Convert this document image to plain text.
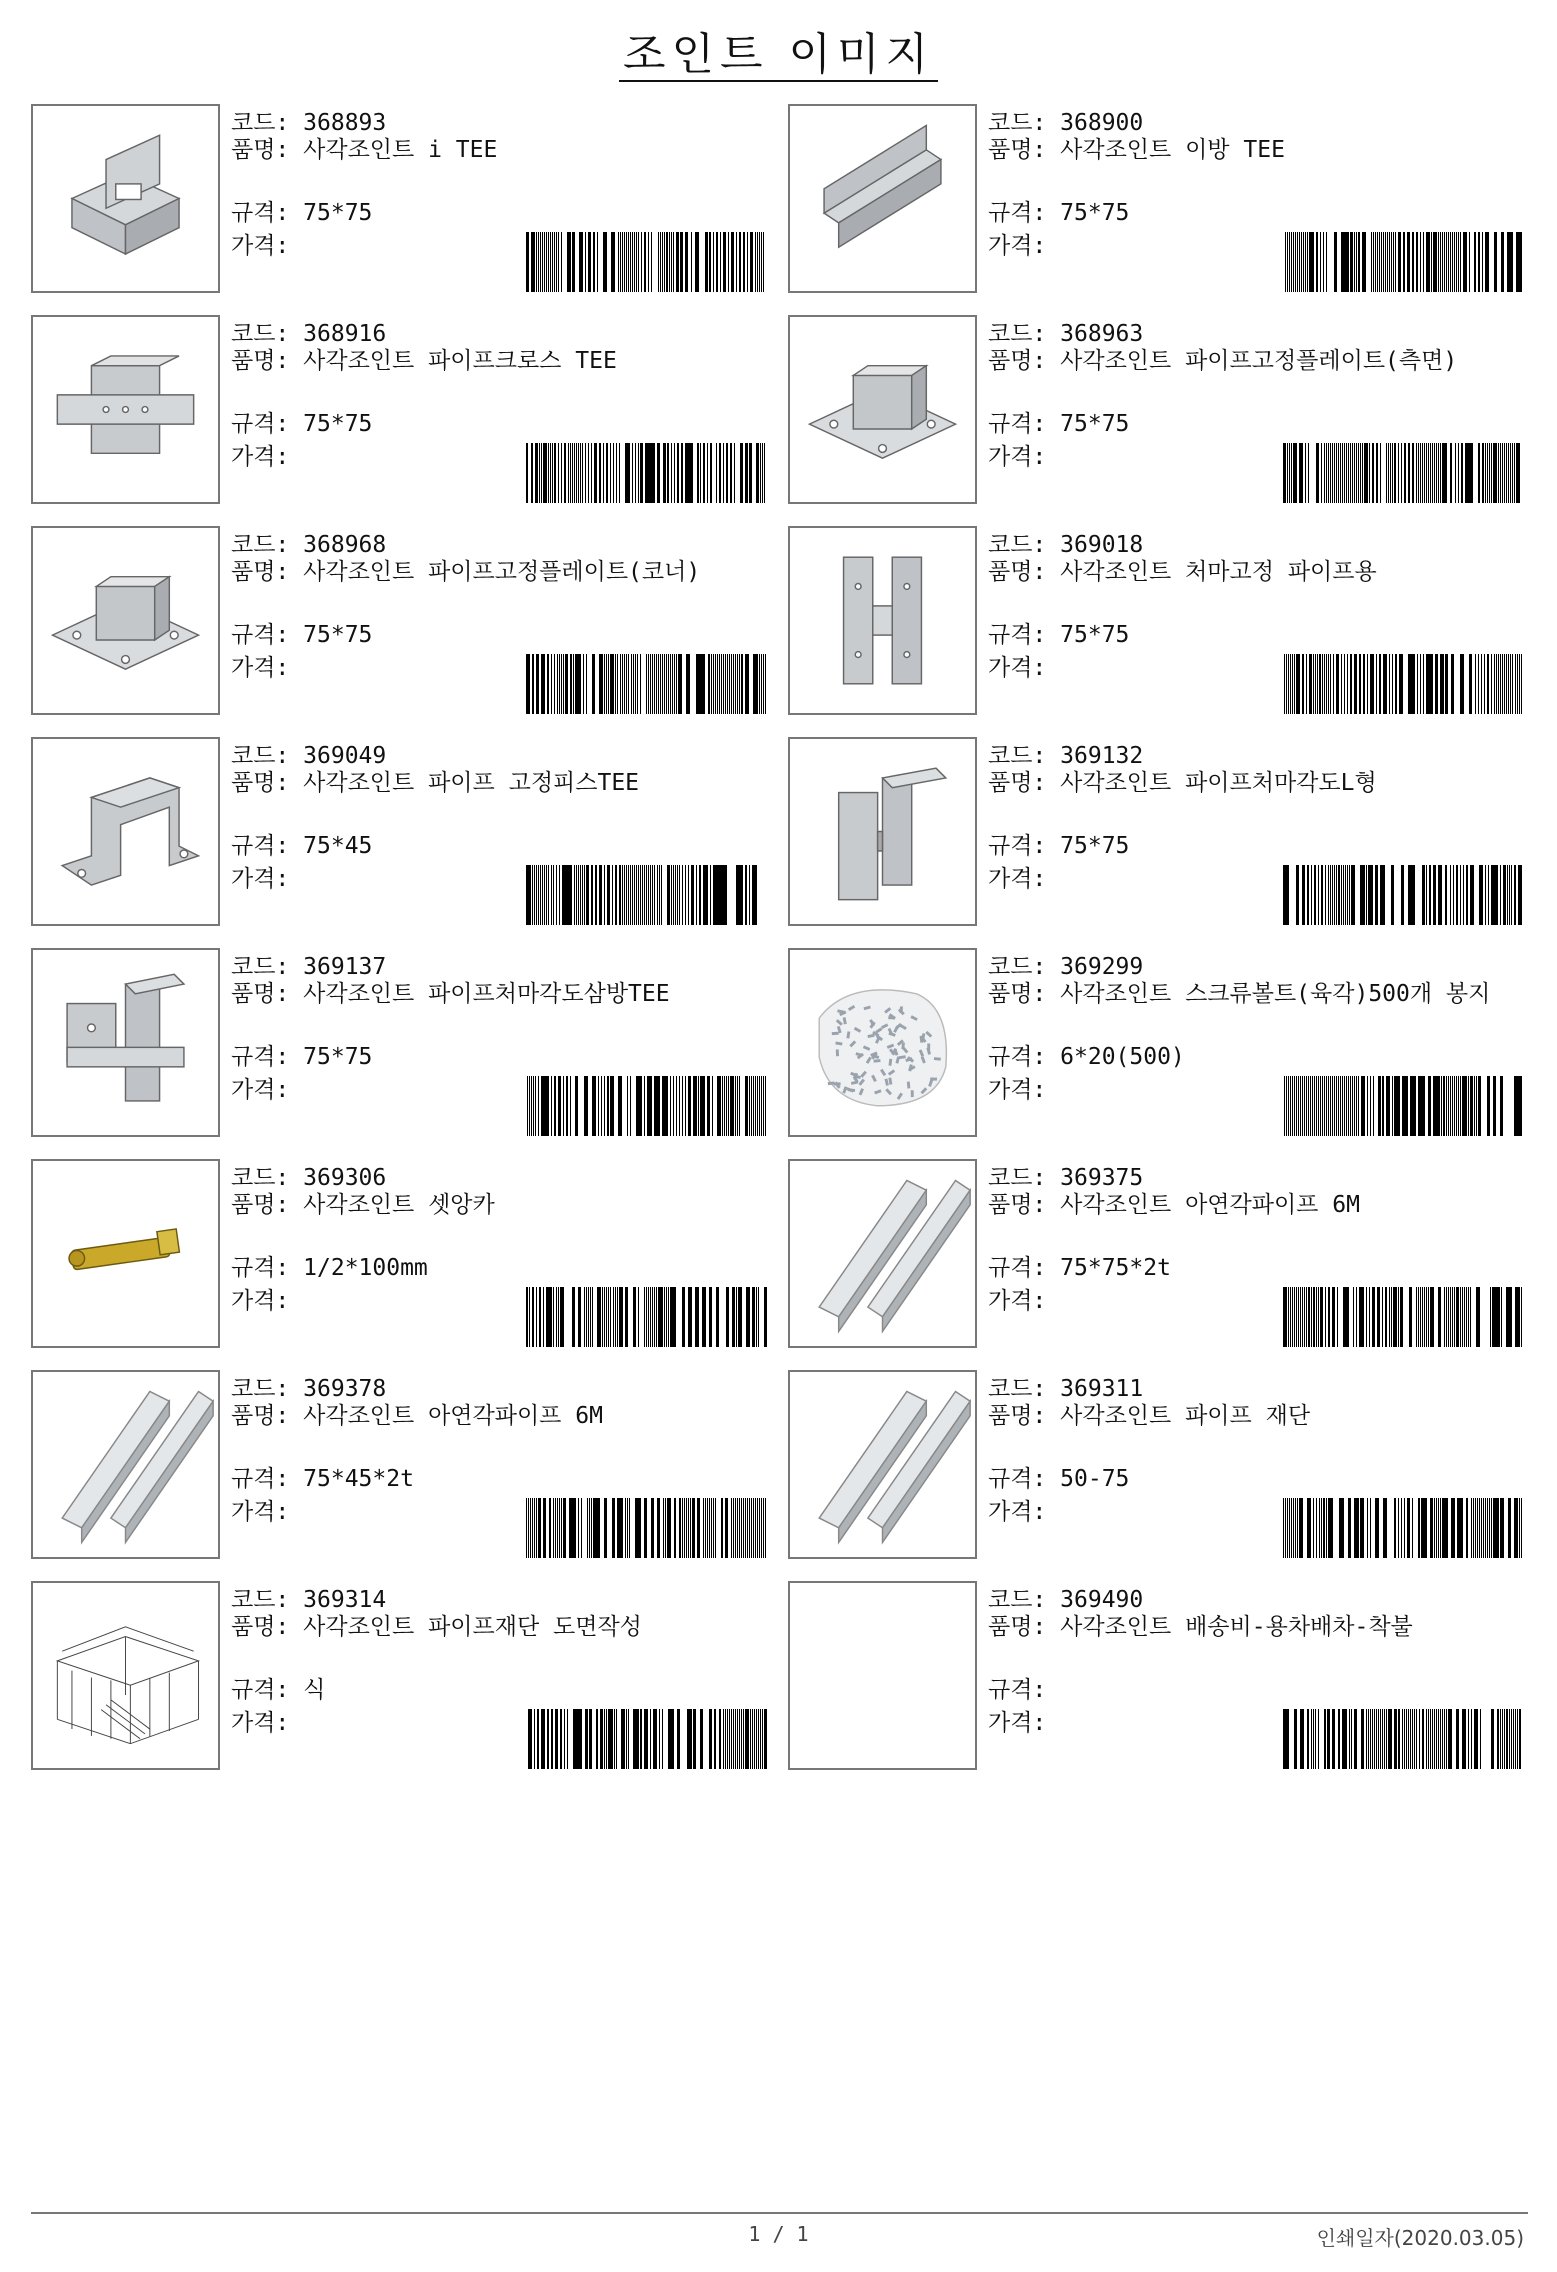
조인트 이미지
코드: 368893
품명: 사각조인트 i TEE
규격: 75*75
가격:
코드: 368900
품명: 사각조인트 이방 TEE
규격: 75*75
가격:
코드: 368916
품명: 사각조인트 파이프크로스 TEE
규격: 75*75
가격:
코드: 368963
품명: 사각조인트 파이프고정플레이트(측면)
규격: 75*75
가격:
코드: 368968
품명: 사각조인트 파이프고정플레이트(코너)
규격: 75*75
가격:
코드: 369018
품명: 사각조인트 처마고정 파이프용
규격: 75*75
가격:
코드: 369049
품명: 사각조인트 파이프 고정피스TEE
규격: 75*45
가격:
코드: 369132
품명: 사각조인트 파이프처마각도L형
규격: 75*75
가격:
코드: 369137
품명: 사각조인트 파이프처마각도삼방TEE
규격: 75*75
가격:
코드: 369299
품명: 사각조인트 스크류볼트(육각)500개 봉지
규격: 6*20(500)
가격:
코드: 369306
품명: 사각조인트 셋앙카
규격: 1/2*100mm
가격:
코드: 369375
품명: 사각조인트 아연각파이프 6M
규격: 75*75*2t
가격:
코드: 369378
품명: 사각조인트 아연각파이프 6M
규격: 75*45*2t
가격:
코드: 369311
품명: 사각조인트 파이프 재단
규격: 50-75
가격:
코드: 369314
품명: 사각조인트 파이프재단 도면작성
규격: 식
가격:
코드: 369490
품명: 사각조인트 배송비-용차배차-착불
규격:
가격:
1 / 1	인쇄일자(2020.03.05)
